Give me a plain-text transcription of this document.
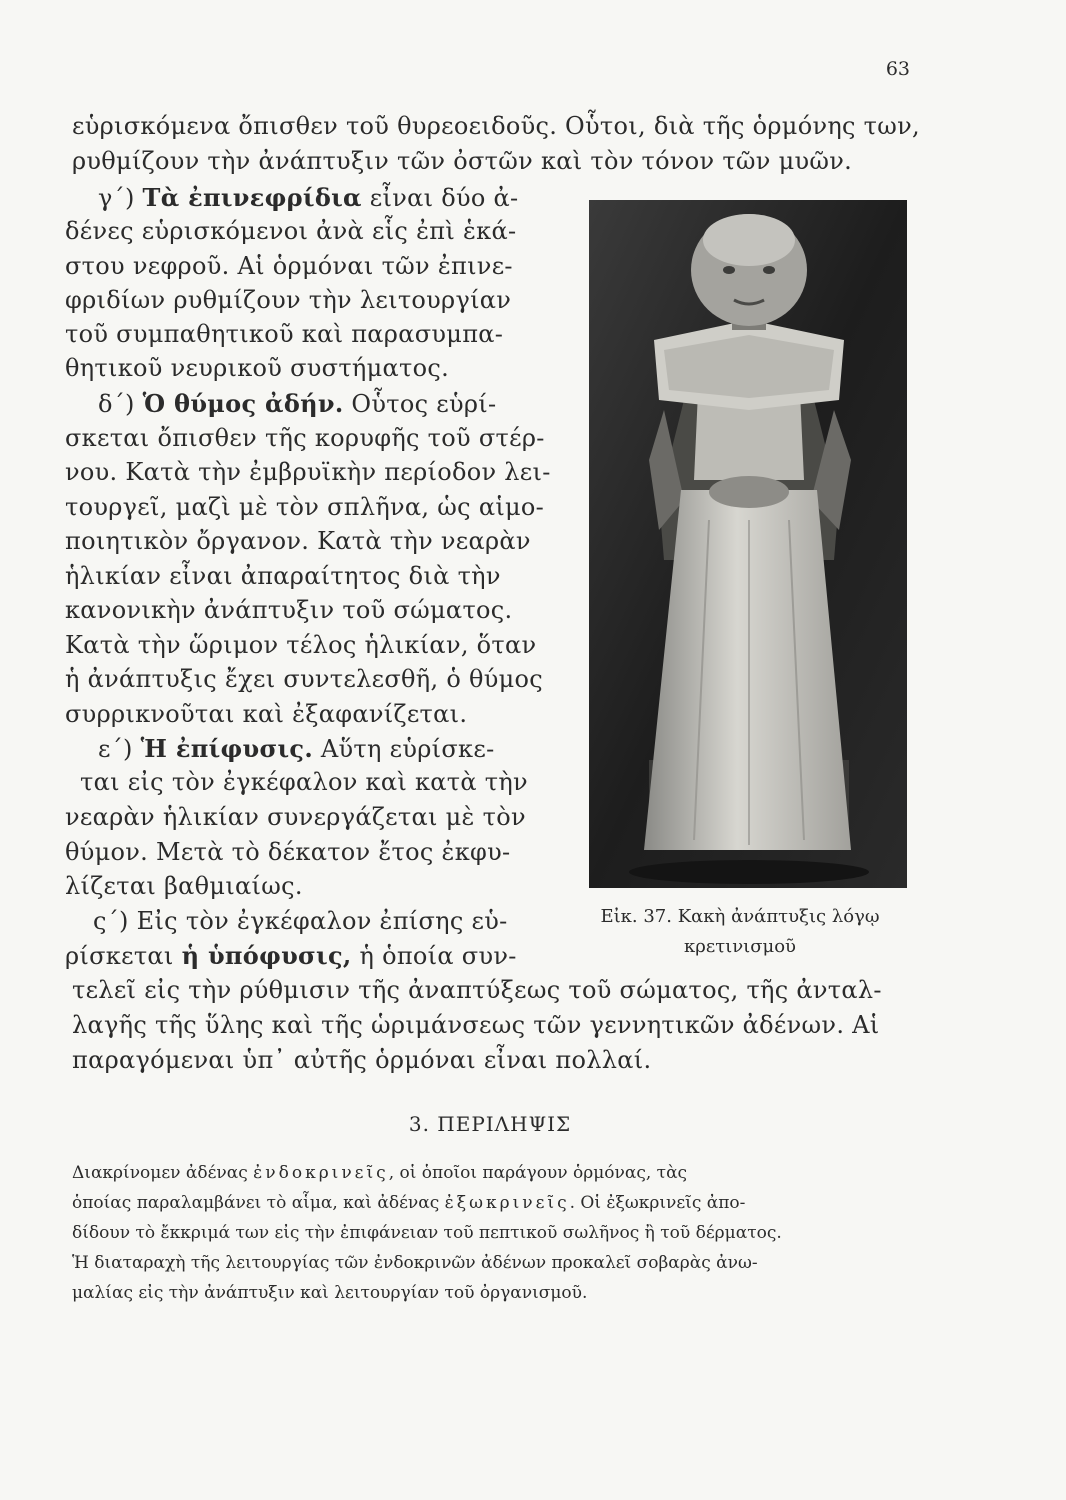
63
εὑρισκόμενα ὄπισθεν τοῦ θυρεοειδοῦς. Οὗτοι, διὰ τῆς ὁρμόνης των,
ρυθμίζουν τὴν ἀνάπτυξιν τῶν ὀστῶν καὶ τὸν τόνον τῶν μυῶν.
γ΄) Τὰ ἐπινεφρίδια εἶναι δύο ἀ-
δένες εὑρισκόμενοι ἀνὰ εἷς ἐπὶ ἑκά-
στου νεφροῦ. Αἱ ὁρμόναι τῶν ἐπινε-
φριδίων ρυθμίζουν τὴν λειτουργίαν
τοῦ συμπαθητικοῦ καὶ παρασυμπα-
θητικοῦ νευρικοῦ συστήματος.
δ΄) Ὁ θύμος ἀδήν. Οὗτος εὑρί-
σκεται ὄπισθεν τῆς κορυφῆς τοῦ στέρ-
νου. Κατὰ τὴν ἐμβρυϊκὴν περίοδον λει-
τουργεῖ, μαζὶ μὲ τὸν σπλῆνα, ὡς αἱμο-
ποιητικὸν ὄργανον. Κατὰ τὴν νεαρὰν
ἡλικίαν εἶναι ἀπαραίτητος διὰ τὴν
κανονικὴν ἀνάπτυξιν τοῦ σώματος.
Κατὰ τὴν ὥριμον τέλος ἡλικίαν, ὅταν
ἡ ἀνάπτυξις ἔχει συντελεσθῆ, ὁ θύμος
συρρικνοῦται καὶ ἐξαφανίζεται.
ε΄) Ἡ ἐπίφυσις. Αὕτη εὑρίσκε-
ται εἰς τὸν ἐγκέφαλον καὶ κατὰ τὴν
νεαρὰν ἡλικίαν συνεργάζεται μὲ τὸν
θύμον. Μετὰ τὸ δέκατον ἔτος ἐκφυ-
λίζεται βαθμιαίως.
ς΄) Εἰς τὸν ἐγκέφαλον ἐπίσης εὑ-
ρίσκεται ἡ ὑπόφυσις, ἡ ὁποία συν-
τελεῖ εἰς τὴν ρύθμισιν τῆς ἀναπτύξεως τοῦ σώματος, τῆς ἀνταλ-
λαγῆς τῆς ὕλης καὶ τῆς ὡριμάνσεως τῶν γεννητικῶν ἀδένων. Αἱ
παραγόμεναι ὑπ᾽ αὐτῆς ὁρμόναι εἶναι πολλαί.
Εἰκ. 37. Κακὴ ἀνάπτυξις λόγῳ
κρετινισμοῦ
3. ΠΕΡΙΛΗΨΙΣ
Διακρίνομεν ἀδένας ἐνδοκρινεῖς, οἱ ὁποῖοι παράγουν ὁρμόνας, τὰς
ὁποίας παραλαμβάνει τὸ αἷμα, καὶ ἀδένας ἐξωκρινεῖς. Οἱ ἐξωκρινεῖς ἀπο-
δίδουν τὸ ἔκκριμά των εἰς τὴν ἐπιφάνειαν τοῦ πεπτικοῦ σωλῆνος ἢ τοῦ δέρματος.
Ἡ διαταραχὴ τῆς λειτουργίας τῶν ἐνδοκρινῶν ἀδένων προκαλεῖ σοβαρὰς ἀνω-
μαλίας εἰς τὴν ἀνάπτυξιν καὶ λειτουργίαν τοῦ ὀργανισμοῦ.
